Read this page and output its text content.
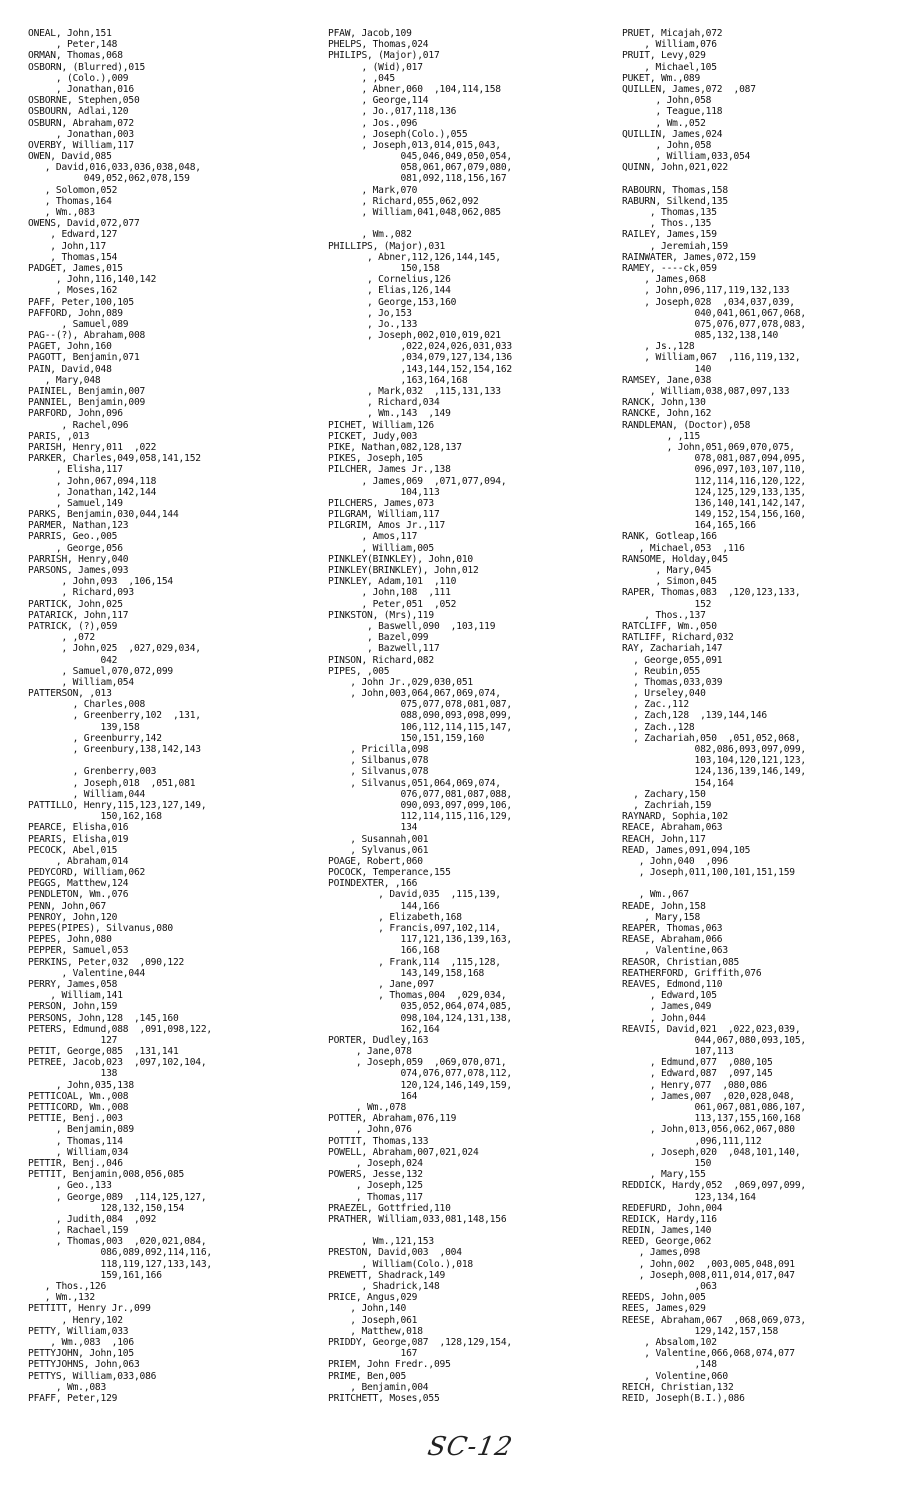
ONEAL, John,151
, Peter,148
ORMAN, Thomas,068
OSBORN, (Blurred),015
, (Colo.),009
, Jonathan,016
OSBORNE, Stephen,050
OSBOURN, Adlai,120
OSBURN, Abraham,072
, Jonathan,003
OVERBY, William,117
OWEN, David,085
, David,016,033,036,038,048,
049,052,062,078,159
, Solomon,052
, Thomas,164
, Wm.,083
OWENS, David,072,077
, Edward,127
, John,117
, Thomas,154
PADGET, James,015
, John,116,140,142
, Moses,162
PAFF, Peter,100,105
PAFFORD, John,089
, Samuel,089
PAG--(?), Abraham,008
PAGET, John,160
PAGOTT, Benjamin,071
PAIN, David,048
, Mary,048
PAINIEL, Benjamin,007
PANNIEL, Benjamin,009
PARFORD, John,096
, Rachel,096
PARIS, ,013
PARISH, Henry,011  ,022
PARKER, Charles,049,058,141,152
, Elisha,117
, John,067,094,118
, Jonathan,142,144
, Samuel,149
PARKS, Benjamin,030,044,144
PARMER, Nathan,123
PARRIS, Geo.,005
, George,056
PARRISH, Henry,040
PARSONS, James,093
, John,093  ,106,154
, Richard,093
PARTICK, John,025
PATARICK, John,117
PATRICK, (?),059
, ,072
, John,025  ,027,029,034,
042
, Samuel,070,072,099
, William,054
PATTERSON, ,013
, Charles,008
, Greenberry,102  ,131,
139,158
, Greenburry,142
, Greenbury,138,142,143
, Grenberry,003
, Joseph,018  ,051,081
, William,044
PATTILLO, Henry,115,123,127,149,
150,162,168
PEARCE, Elisha,016
PEARIS, Elisha,019
PECOCK, Abel,015
, Abraham,014
PEDYCORD, William,062
PEGGS, Matthew,124
PENDLETON, Wm.,076
PENN, John,067
PENROY, John,120
PEPES(PIPES), Silvanus,080
PEPES, John,080
PEPPER, Samuel,053
PERKINS, Peter,032  ,090,122
, Valentine,044
PERRY, James,058
, William,141
PERSON, John,159
PERSONS, John,128  ,145,160
PETERS, Edmund,088  ,091,098,122,
127
PETIT, George,085  ,131,141
PETREE, Jacob,023  ,097,102,104,
138
, John,035,138
PETTICOAL, Wm.,008
PETTICORD, Wm.,008
PETTIE, Benj.,003
, Benjamin,089
, Thomas,114
, William,034
PETTIR, Benj.,046
PETTIT, Benjamin,008,056,085
, Geo.,133
, George,089  ,114,125,127,
128,132,150,154
, Judith,084  ,092
, Rachael,159
, Thomas,003  ,020,021,084,
086,089,092,114,116,
118,119,127,133,143,
159,161,166
, Thos.,126
, Wm.,132
PETTITT, Henry Jr.,099
, Henry,102
PETTY, William,033
, Wm.,083  ,106
PETTYJOHN, John,105
PETTYJOHNS, John,063
PETTYS, William,033,086
, Wm.,083
PFAFF, Peter,129
PFAW, Jacob,109
PHELPS, Thomas,024
PHILIPS, (Major),017
, (Wid),017
, ,045
, Abner,060  ,104,114,158
, George,114
, Jo.,017,118,136
, Jos.,096
, Joseph(Colo.),055
, Joseph,013,014,015,043,
045,046,049,050,054,
058,061,067,079,080,
081,092,118,156,167
, Mark,070
, Richard,055,062,092
, William,041,048,062,085
, Wm.,082
PHILLIPS, (Major),031
, Abner,112,126,144,145,
150,158
, Cornelius,126
, Elias,126,144
, George,153,160
, Jo,153
, Jo.,133
, Joseph,002,010,019,021
,022,024,026,031,033
,034,079,127,134,136
,143,144,152,154,162
,163,164,168
, Mark,032  ,115,131,133
, Richard,034
, Wm.,143  ,149
PICHET, William,126
PICKET, Judy,003
PIKE, Nathan,082,128,137
PIKES, Joseph,105
PILCHER, James Jr.,138
, James,069  ,071,077,094,
104,113
PILCHERS, James,073
PILGRAM, William,117
PILGRIM, Amos Jr.,117
, Amos,117
, William,005
PINKLEY(BINKLEY), John,010
PINKLEY(BRINKLEY), John,012
PINKLEY, Adam,101  ,110
, John,108  ,111
, Peter,051  ,052
PINKSTON, (Mrs),119
, Baswell,090  ,103,119
, Bazel,099
, Bazwell,117
PINSON, Richard,082
PIPES, ,005
, John Jr.,029,030,051
, John,003,064,067,069,074,
075,077,078,081,087,
088,090,093,098,099,
106,112,114,115,147,
150,151,159,160
, Pricilla,098
, Silbanus,078
, Silvanus,078
, Silvanus,051,064,069,074,
076,077,081,087,088,
090,093,097,099,106,
112,114,115,116,129,
134
, Susannah,001
, Sylvanus,061
POAGE, Robert,060
POCOCK, Temperance,155
POINDEXTER, ,166
, David,035  ,115,139,
144,166
, Elizabeth,168
, Francis,097,102,114,
117,121,136,139,163,
166,168
, Frank,114  ,115,128,
143,149,158,168
, Jane,097
, Thomas,004  ,029,034,
035,052,064,074,085,
098,104,124,131,138,
162,164
PORTER, Dudley,163
, Jane,078
, Joseph,059  ,069,070,071,
074,076,077,078,112,
120,124,146,149,159,
164
, Wm.,078
POTTER, Abraham,076,119
, John,076
POTTIT, Thomas,133
POWELL, Abraham,007,021,024
, Joseph,024
POWERS, Jesse,132
, Joseph,125
, Thomas,117
PRAEZEL, Gottfried,110
PRATHER, William,033,081,148,156
, Wm.,121,153
PRESTON, David,003  ,004
, William(Colo.),018
PREWETT, Shadrack,149
, Shadrick,148
PRICE, Angus,029
, John,140
, Joseph,061
, Matthew,018
PRIDDY, George,087  ,128,129,154,
167
PRIEM, John Fredr.,095
PRIME, Ben,005
, Benjamin,004
PRITCHETT, Moses,055
PRUET, Micajah,072
, William,076
PRUIT, Levy,029
, Michael,105
PUKET, Wm.,089
QUILLEN, James,072  ,087
, John,058
, Teague,118
, Wm.,052
QUILLIN, James,024
, John,058
, William,033,054
QUINN, John,021,022
RABOURN, Thomas,158
RABURN, Silkend,135
, Thomas,135
, Thos.,135
RAILEY, James,159
, Jeremiah,159
RAINWATER, James,072,159
RAMEY, ----ck,059
, James,068
, John,096,117,119,132,133
, Joseph,028  ,034,037,039,
040,041,061,067,068,
075,076,077,078,083,
085,132,138,140
, Js.,128
, William,067  ,116,119,132,
140
RAMSEY, Jane,038
, William,038,087,097,133
RANCK, John,130
RANCKE, John,162
RANDLEMAN, (Doctor),058
, ,115
, John,051,069,070,075,
078,081,087,094,095,
096,097,103,107,110,
112,114,116,120,122,
124,125,129,133,135,
136,140,141,142,147,
149,152,154,156,160,
164,165,166
RANK, Gotleap,166
, Michael,053  ,116
RANSOME, Holday,045
, Mary,045
, Simon,045
RAPER, Thomas,083  ,120,123,133,
152
, Thos.,137
RATCLIFF, Wm.,050
RATLIFF, Richard,032
RAY, Zachariah,147
, George,055,091
, Reubin,055
, Thomas,033,039
, Urseley,040
, Zac.,112
, Zach,128  ,139,144,146
, Zach.,128
, Zachariah,050  ,051,052,068,
082,086,093,097,099,
103,104,120,121,123,
124,136,139,146,149,
154,164
, Zachary,150
, Zachriah,159
RAYNARD, Sophia,102
REACE, Abraham,063
REACH, John,117
READ, James,091,094,105
, John,040  ,096
, Joseph,011,100,101,151,159
, Wm.,067
READE, John,158
, Mary,158
REAPER, Thomas,063
REASE, Abraham,066
, Valentine,063
REASOR, Christian,085
REATHERFORD, Griffith,076
REAVES, Edmond,110
, Edward,105
, James,049
, John,044
REAVIS, David,021  ,022,023,039,
044,067,080,093,105,
107,113
, Edmund,077  ,080,105
, Edward,087  ,097,145
, Henry,077  ,080,086
, James,007  ,020,028,048,
061,067,081,086,107,
113,137,155,160,168
, John,013,056,062,067,080
,096,111,112
, Joseph,020  ,048,101,140,
150
, Mary,155
REDDICK, Hardy,052  ,069,097,099,
123,134,164
REDEFURD, John,004
REDICK, Hardy,116
REDIN, James,140
REED, George,062
, James,098
, John,002  ,003,005,048,091
, Joseph,008,011,014,017,047
,063
REEDS, John,005
REES, James,029
REESE, Abraham,067  ,068,069,073,
129,142,157,158
, Absalom,102
, Valentine,066,068,074,077
,148
, Volentine,060
REICH, Christian,132
REID, Joseph(B.I.),086
SC-12
